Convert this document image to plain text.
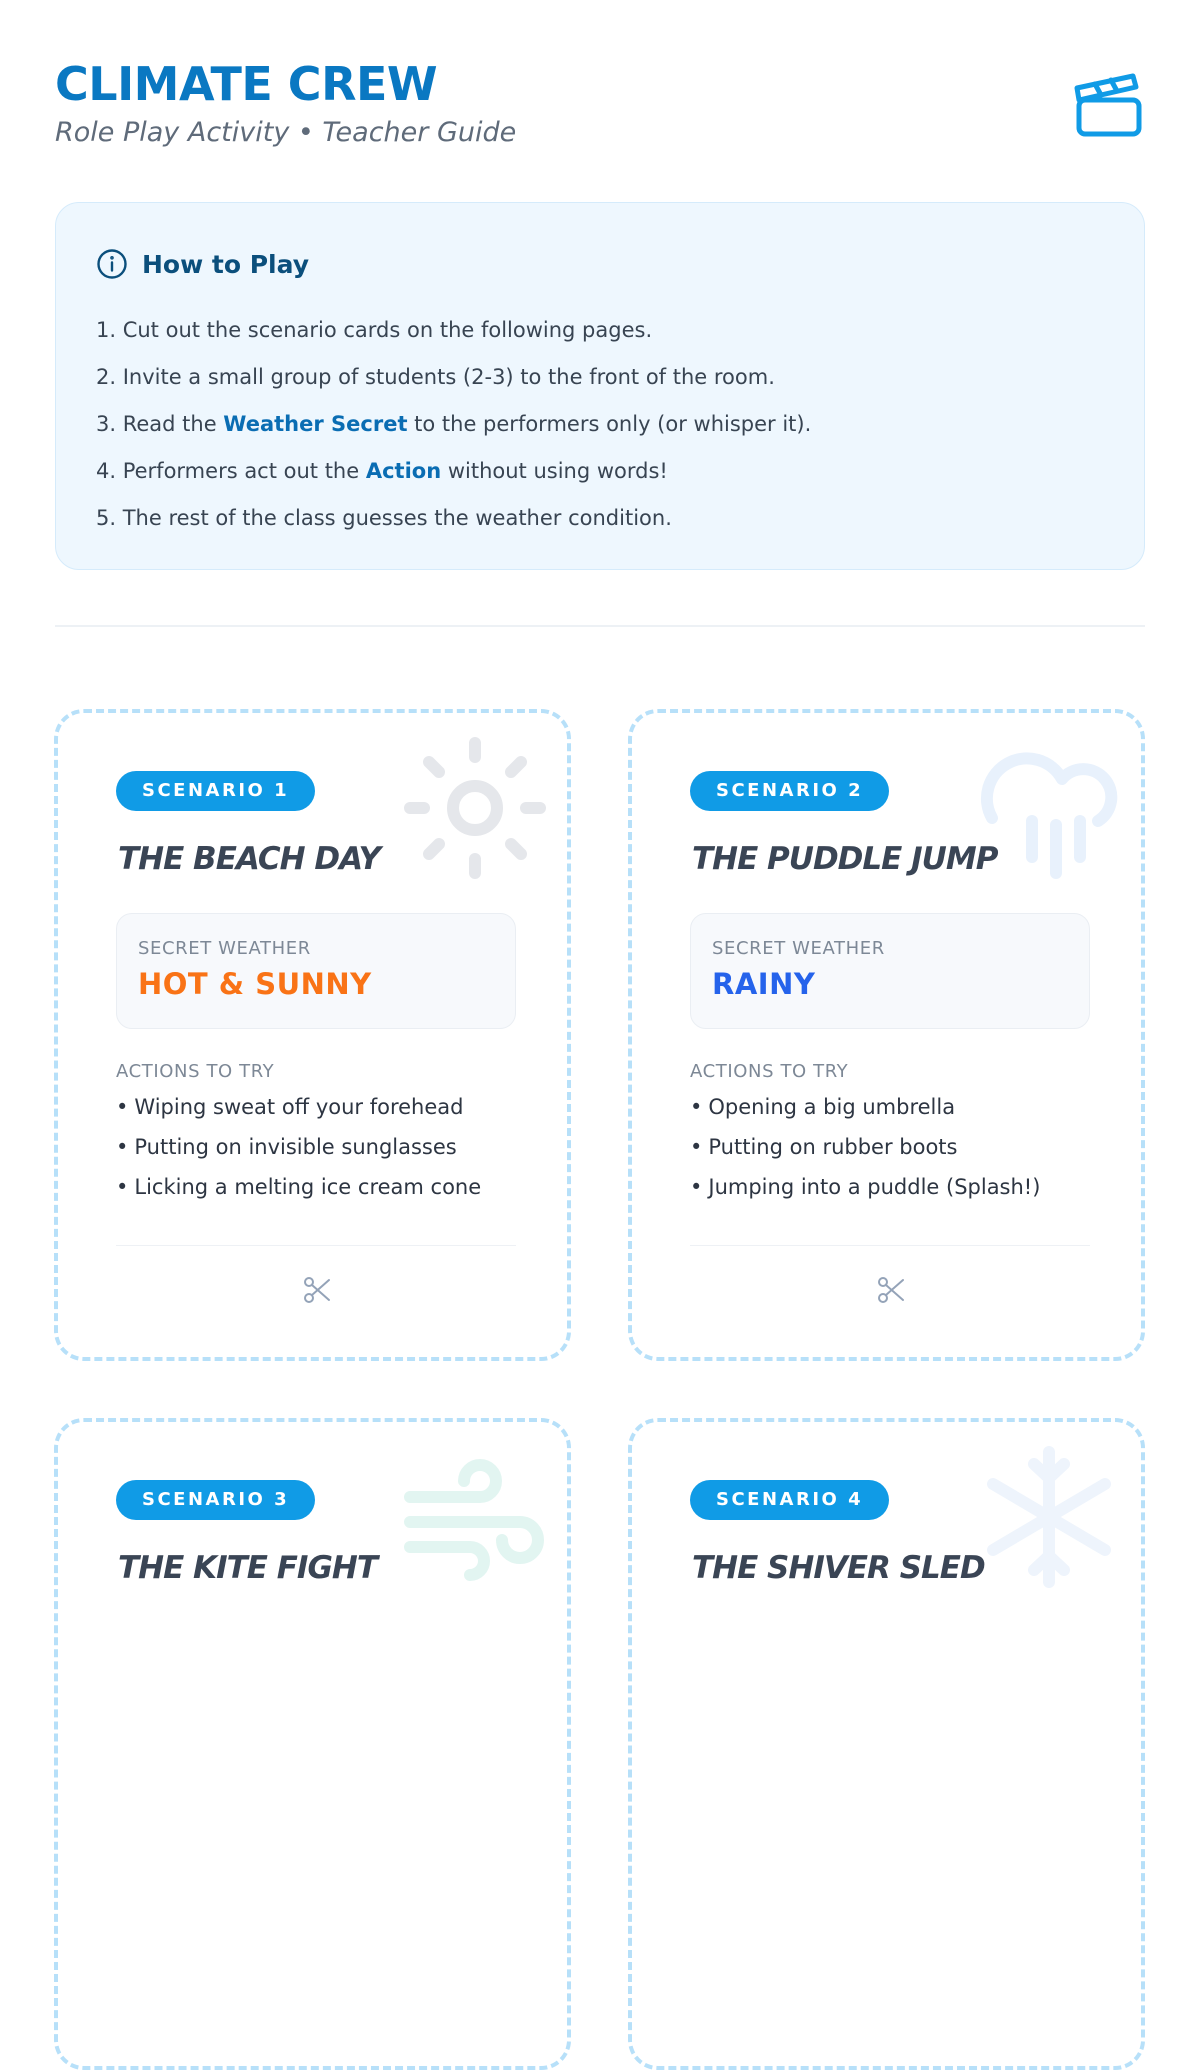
CLIMATE CREW
Role Play Activity • Teacher Guide
How to Play
1. Cut out the scenario cards on the following pages.
2. Invite a small group of students (2-3) to the front of the room.
3. Read the Weather Secret to the performers only (or whisper it).
4. Performers act out the Action without using words!
5. The rest of the class guesses the weather condition.
SCENARIO 1
THE BEACH DAY
SECRET WEATHER
HOT & SUNNY
ACTIONS TO TRY
• Wiping sweat off your forehead
• Putting on invisible sunglasses
• Licking a melting ice cream cone
SCENARIO 2
THE PUDDLE JUMP
SECRET WEATHER
RAINY
ACTIONS TO TRY
• Opening a big umbrella
• Putting on rubber boots
• Jumping into a puddle (Splash!)
SCENARIO 3
THE KITE FIGHT
SCENARIO 4
THE SHIVER SLED
